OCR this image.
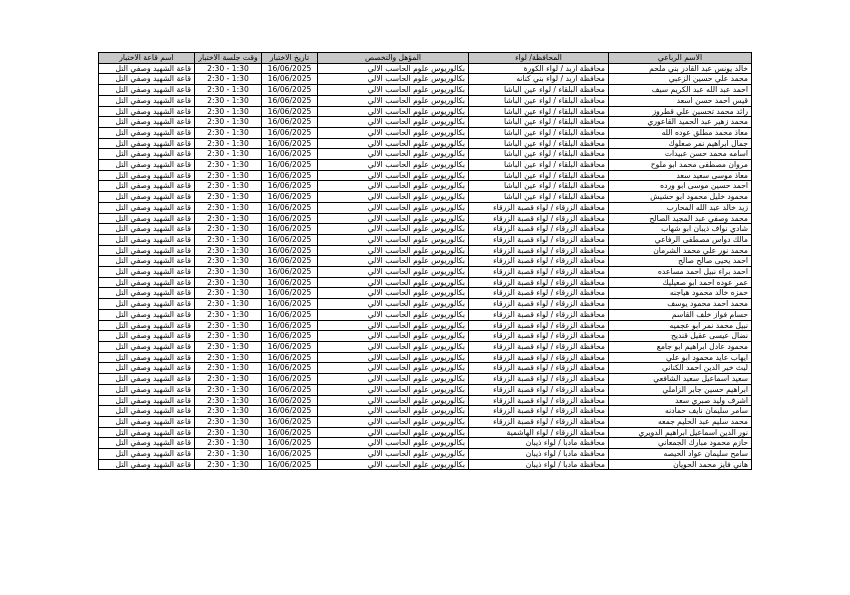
الاسم الرباعي	المحافظة/ لواء	المؤهل والتخصص	تاريخ الاختبار	وقت جلسة الاختبار	اسم قاعة الاختبار
خالد يونس عبد القادر بني ملحم	محافظة اربد / لواء الكورة	بكالوريوس علوم الحاسب الالي	16/06/2025	1:30 - 2:30	قاعة الشهيد وصفي التل
محمد علي حسين الزعبي	محافظة اربد / لواء بني كنانه	بكالوريوس علوم الحاسب الالي	16/06/2025	1:30 - 2:30	قاعة الشهيد وصفي التل
احمد عبد الله عبد الكريم سيف	محافظة البلقاء / لواء عين الباشا	بكالوريوس علوم الحاسب الالي	16/06/2025	1:30 - 2:30	قاعة الشهيد وصفي التل
قيس احمد حسن اسعد	محافظة البلقاء / لواء عين الباشا	بكالوريوس علوم الحاسب الالي	16/06/2025	1:30 - 2:30	قاعة الشهيد وصفي التل
رائد محمد تحسين علي قطروز	محافظة البلقاء / لواء عين الباشا	بكالوريوس علوم الحاسب الالي	16/06/2025	1:30 - 2:30	قاعة الشهيد وصفي التل
محمد زهير عبد الحميد القاعوري	محافظة البلقاء / لواء عين الباشا	بكالوريوس علوم الحاسب الالي	16/06/2025	1:30 - 2:30	قاعة الشهيد وصفي التل
معاذ محمد مطلق عوده الله	محافظة البلقاء / لواء عين الباشا	بكالوريوس علوم الحاسب الالي	16/06/2025	1:30 - 2:30	قاعة الشهيد وصفي التل
جمال ابراهيم نمر صعلوك	محافظة البلقاء / لواء عين الباشا	بكالوريوس علوم الحاسب الالي	16/06/2025	1:30 - 2:30	قاعة الشهيد وصفي التل
اسامه محمد حسن عبيدات	محافظة البلقاء / لواء عين الباشا	بكالوريوس علوم الحاسب الالي	16/06/2025	1:30 - 2:30	قاعة الشهيد وصفي التل
مروان مصطفى محمد ابو ملوح	محافظة البلقاء / لواء عين الباشا	بكالوريوس علوم الحاسب الالي	16/06/2025	1:30 - 2:30	قاعة الشهيد وصفي التل
معاذ موسى سعيد سعد	محافظة البلقاء / لواء عين الباشا	بكالوريوس علوم الحاسب الالي	16/06/2025	1:30 - 2:30	قاعة الشهيد وصفي التل
احمد حسين موسى ابو ورده	محافظة البلقاء / لواء عين الباشا	بكالوريوس علوم الحاسب الالي	16/06/2025	1:30 - 2:30	قاعة الشهيد وصفي التل
محمود خليل محمود ابو حشيش	محافظة البلقاء / لواء عين الباشا	بكالوريوس علوم الحاسب الالي	16/06/2025	1:30 - 2:30	قاعة الشهيد وصفي التل
زيد خالد عبد الله المحارب	محافظة الزرقاء / لواء قصبة الزرقاء	بكالوريوس علوم الحاسب الالي	16/06/2025	1:30 - 2:30	قاعة الشهيد وصفي التل
محمد وصفي عبد المجيد الصالح	محافظة الزرقاء / لواء قصبة الزرقاء	بكالوريوس علوم الحاسب الالي	16/06/2025	1:30 - 2:30	قاعة الشهيد وصفي التل
شادي نواف ذيبان ابو شهاب	محافظة الزرقاء / لواء قصبة الزرقاء	بكالوريوس علوم الحاسب الالي	16/06/2025	1:30 - 2:30	قاعة الشهيد وصفي التل
مالك دواس مصطفى الرفاعي	محافظة الزرقاء / لواء قصبة الزرقاء	بكالوريوس علوم الحاسب الالي	16/06/2025	1:30 - 2:30	قاعة الشهيد وصفي التل
محمد نور علي محمد الشرمان	محافظة الزرقاء / لواء قصبة الزرقاء	بكالوريوس علوم الحاسب الالي	16/06/2025	1:30 - 2:30	قاعة الشهيد وصفي التل
احمد يحيى صالح صالح	محافظة الزرقاء / لواء قصبة الزرقاء	بكالوريوس علوم الحاسب الالي	16/06/2025	1:30 - 2:30	قاعة الشهيد وصفي التل
احمد براء نبيل احمد مساعده	محافظة الزرقاء / لواء قصبة الزرقاء	بكالوريوس علوم الحاسب الالي	16/06/2025	1:30 - 2:30	قاعة الشهيد وصفي التل
عمر عوده احمد ابو صعيليك	محافظة الزرقاء / لواء قصبة الزرقاء	بكالوريوس علوم الحاسب الالي	16/06/2025	1:30 - 2:30	قاعة الشهيد وصفي التل
حمزه خالد محمود هياجنه	محافظة الزرقاء / لواء قصبة الزرقاء	بكالوريوس علوم الحاسب الالي	16/06/2025	1:30 - 2:30	قاعة الشهيد وصفي التل
محمد احمد محمود يوسف	محافظة الزرقاء / لواء قصبة الزرقاء	بكالوريوس علوم الحاسب الالي	16/06/2025	1:30 - 2:30	قاعة الشهيد وصفي التل
حسام فواز خلف القاسم	محافظة الزرقاء / لواء قصبة الزرقاء	بكالوريوس علوم الحاسب الالي	16/06/2025	1:30 - 2:30	قاعة الشهيد وصفي التل
نبيل محمد نمر ابو عجميه	محافظة الزرقاء / لواء قصبة الزرقاء	بكالوريوس علوم الحاسب الالي	16/06/2025	1:30 - 2:30	قاعة الشهيد وصفي التل
نضال عيسى عقيل قنديح	محافظة الزرقاء / لواء قصبة الزرقاء	بكالوريوس علوم الحاسب الالي	16/06/2025	1:30 - 2:30	قاعة الشهيد وصفي التل
محمود عادل ابراهيم ابو جامع	محافظة الزرقاء / لواء قصبة الزرقاء	بكالوريوس علوم الحاسب الالي	16/06/2025	1:30 - 2:30	قاعة الشهيد وصفي التل
ايهاب عايد محمود ابو علي	محافظة الزرقاء / لواء قصبة الزرقاء	بكالوريوس علوم الحاسب الالي	16/06/2025	1:30 - 2:30	قاعة الشهيد وصفي التل
ليث خير الدين احمد الكناني	محافظة الزرقاء / لواء قصبة الزرقاء	بكالوريوس علوم الحاسب الالي	16/06/2025	1:30 - 2:30	قاعة الشهيد وصفي التل
سعيد اسماعيل سعيد الشافعي	محافظة الزرقاء / لواء قصبة الزرقاء	بكالوريوس علوم الحاسب الالي	16/06/2025	1:30 - 2:30	قاعة الشهيد وصفي التل
ابراهيم حسين جابر الزاملي	محافظة الزرقاء / لواء قصبة الزرقاء	بكالوريوس علوم الحاسب الالي	16/06/2025	1:30 - 2:30	قاعة الشهيد وصفي التل
اشرف وليد صبري سعد	محافظة الزرقاء / لواء قصبة الزرقاء	بكالوريوس علوم الحاسب الالي	16/06/2025	1:30 - 2:30	قاعة الشهيد وصفي التل
سامر سليمان نايف حمادنه	محافظة الزرقاء / لواء قصبة الزرقاء	بكالوريوس علوم الحاسب الالي	16/06/2025	1:30 - 2:30	قاعة الشهيد وصفي التل
محمد سليم عبد الحليم جمعه	محافظة الزرقاء / لواء قصبة الزرقاء	بكالوريوس علوم الحاسب الالي	16/06/2025	1:30 - 2:30	قاعة الشهيد وصفي التل
نور الدين اسماعيل ابراهيم الدويري	محافظة الزرقاء / لواء الهاشمية	بكالوريوس علوم الحاسب الالي	16/06/2025	1:30 - 2:30	قاعة الشهيد وصفي التل
حازم محمود مبارك الجمعاني	محافظة مادبا / لواء ذيبان	بكالوريوس علوم الحاسب الالي	16/06/2025	1:30 - 2:30	قاعة الشهيد وصفي التل
سامح سليمان عواد الحيصه	محافظة مادبا / لواء ذيبان	بكالوريوس علوم الحاسب الالي	16/06/2025	1:30 - 2:30	قاعة الشهيد وصفي التل
هاني فايز محمد الحويان	محافظة مادبا / لواء ذيبان	بكالوريوس علوم الحاسب الالي	16/06/2025	1:30 - 2:30	قاعة الشهيد وصفي التل
